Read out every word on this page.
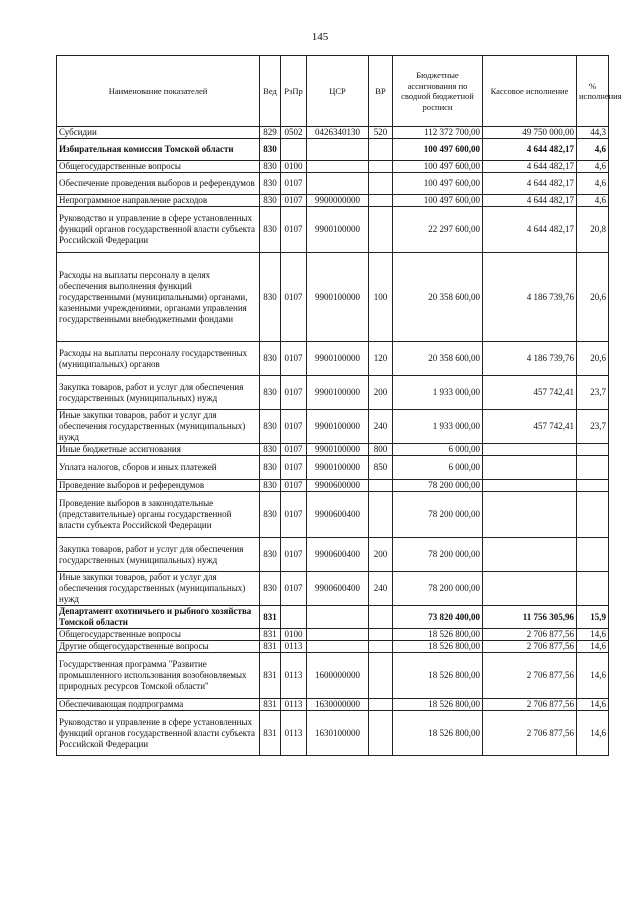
145
Наименование показателей	Вед	РзПр	ЦСР	ВР	Бюджетные ассигнования по сводной бюджетной росписи	Кассовое исполнение	% исполнения
Субсидии	829	0502	0426340130	520	112 372 700,00	49 750 000,00	44,3
Избирательная комиссия Томской области	830				100 497 600,00	4 644 482,17	4,6
Общегосударственные вопросы	830	0100			100 497 600,00	4 644 482,17	4,6
Обеспечение проведения выборов и референдумов	830	0107			100 497 600,00	4 644 482,17	4,6
Непрограммное направление расходов	830	0107	9900000000		100 497 600,00	4 644 482,17	4,6
Руководство и управление в сфере установленных функций органов государственной власти субъекта Российской Федерации	830	0107	9900100000		22 297 600,00	4 644 482,17	20,8
Расходы на выплаты персоналу в целях обеспечения выполнения функций государственными (муниципальными) органами, казенными учреждениями, органами управления государственными внебюджетными фондами	830	0107	9900100000	100	20 358 600,00	4 186 739,76	20,6
Расходы на выплаты персоналу государственных (муниципальных) органов	830	0107	9900100000	120	20 358 600,00	4 186 739,76	20,6
Закупка товаров, работ и услуг для обеспечения государственных (муниципальных) нужд	830	0107	9900100000	200	1 933 000,00	457 742,41	23,7
Иные закупки товаров, работ и услуг для обеспечения государственных (муниципальных) нужд	830	0107	9900100000	240	1 933 000,00	457 742,41	23,7
Иные бюджетные ассигнования	830	0107	9900100000	800	6 000,00		
Уплата налогов, сборов и иных платежей	830	0107	9900100000	850	6 000,00		
Проведение выборов и референдумов	830	0107	9900600000		78 200 000,00		
Проведение выборов в законодательные (представительные) органы государственной власти субъекта Российской Федерации	830	0107	9900600400		78 200 000,00		
Закупка товаров, работ и услуг для обеспечения государственных (муниципальных) нужд	830	0107	9900600400	200	78 200 000,00		
Иные закупки товаров, работ и услуг для обеспечения государственных (муниципальных) нужд	830	0107	9900600400	240	78 200 000,00		
Департамент охотничьего и рыбного хозяйства Томской области	831				73 820 400,00	11 756 305,96	15,9
Общегосударственные вопросы	831	0100			18 526 800,00	2 706 877,56	14,6
Другие общегосударственные вопросы	831	0113			18 526 800,00	2 706 877,56	14,6
Государственная программа "Развитие промышленного использования возобновляемых природных ресурсов Томской области"	831	0113	1600000000		18 526 800,00	2 706 877,56	14,6
Обеспечивающая подпрограмма	831	0113	1630000000		18 526 800,00	2 706 877,56	14,6
Руководство и управление в сфере установленных функций органов государственной власти субъекта Российской Федерации	831	0113	1630100000		18 526 800,00	2 706 877,56	14,6
